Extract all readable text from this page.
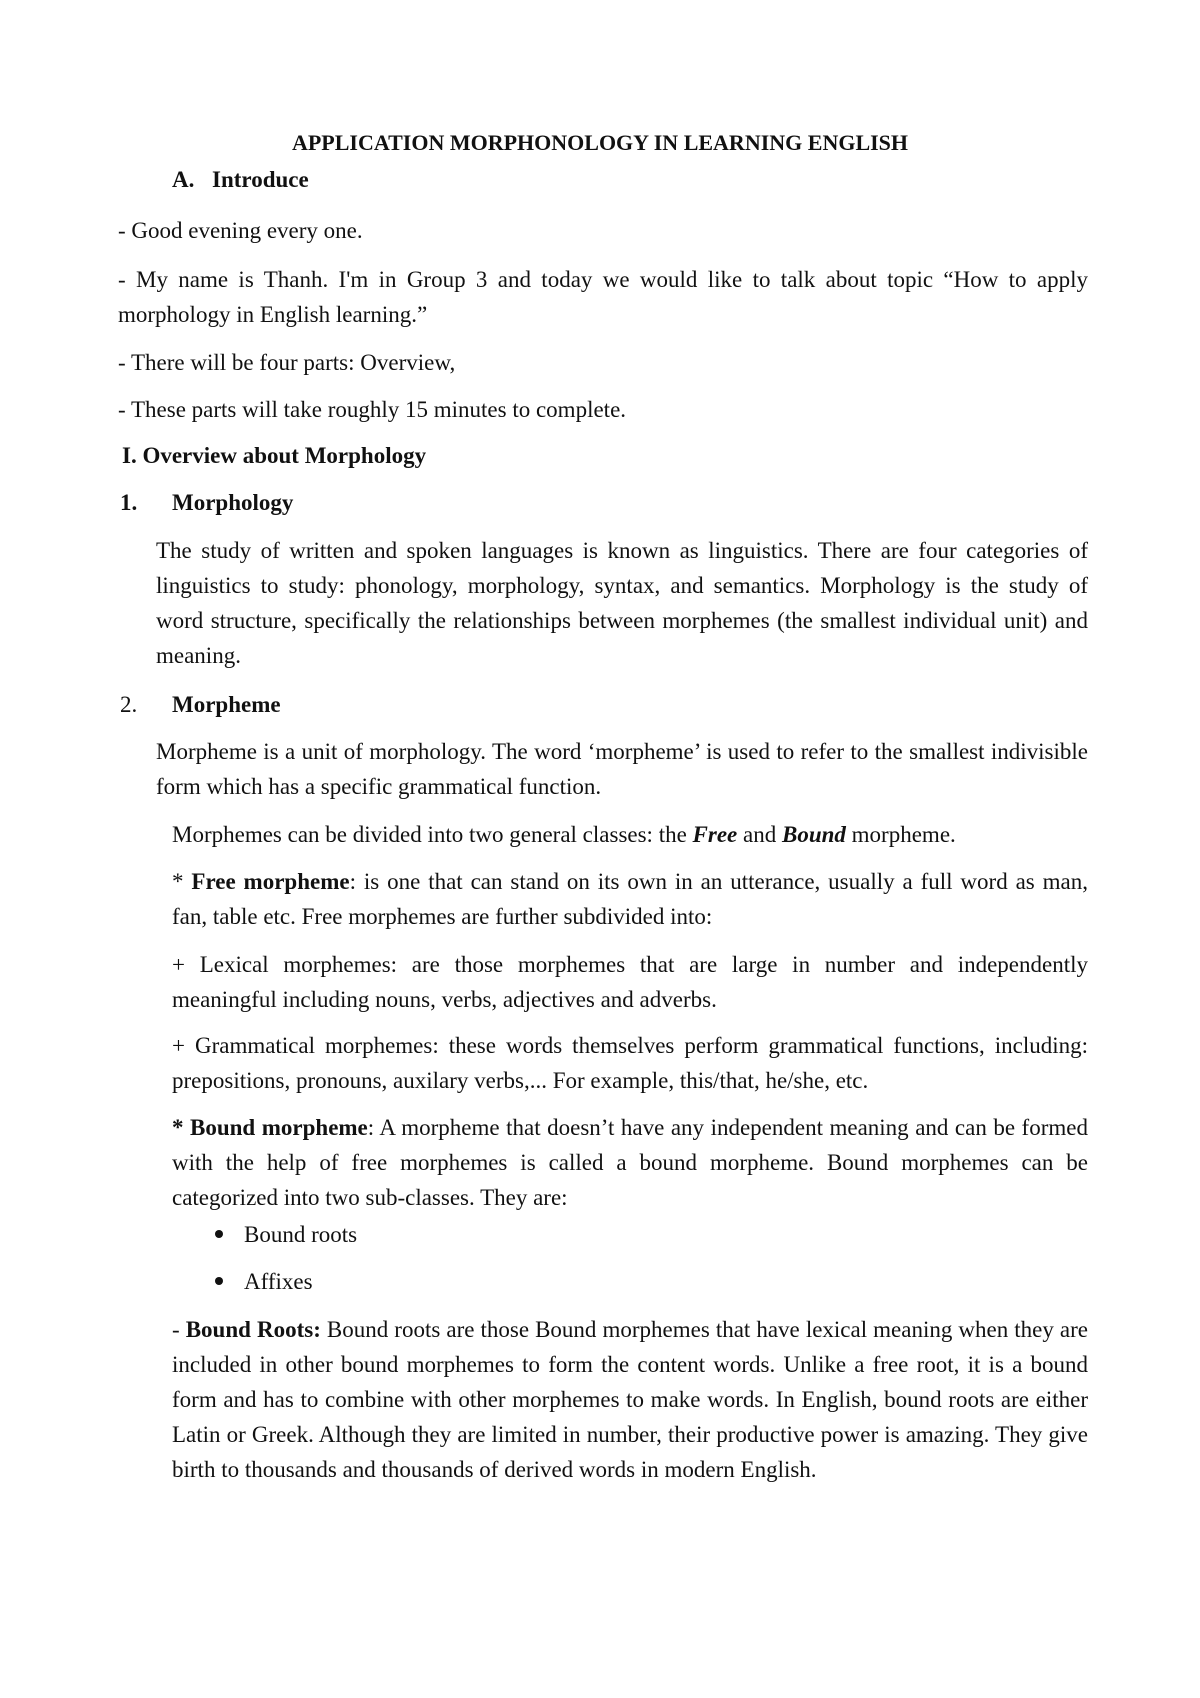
APPLICATION MORPHONOLOGY IN LEARNING ENGLISH
A. Introduce
- Good evening every one.
- My name is Thanh. I'm in Group 3 and today we would like to talk about topic “How to apply morphology in English learning.”
- There will be four parts: Overview,
- These parts will take roughly 15 minutes to complete.
I. Overview about Morphology
1. Morphology
The study of written and spoken languages is known as linguistics. There are four categories of linguistics to study: phonology, morphology, syntax, and semantics. Morphology is the study of word structure, specifically the relationships between morphemes (the smallest individual unit) and meaning.
2. Morpheme
Morpheme is a unit of morphology. The word ‘morpheme’ is used to refer to the smallest indivisible form which has a specific grammatical function.
Morphemes can be divided into two general classes: the Free and Bound morpheme.
* Free morpheme: is one that can stand on its own in an utterance, usually a full word as man, fan, table etc. Free morphemes are further subdivided into:
+ Lexical morphemes: are those morphemes that are large in number and independently meaningful including nouns, verbs, adjectives and adverbs.
+ Grammatical morphemes: these words themselves perform grammatical functions, including: prepositions, pronouns, auxilary verbs,... For example, this/that, he/she, etc.
* Bound morpheme: A morpheme that doesn’t have any independent meaning and can be formed with the help of free morphemes is called a bound morpheme. Bound morphemes can be categorized into two sub-classes. They are:
Bound roots
Affixes
- Bound Roots: Bound roots are those Bound morphemes that have lexical meaning when they are included in other bound morphemes to form the content words. Unlike a free root, it is a bound form and has to combine with other morphemes to make words. In English, bound roots are either Latin or Greek. Although they are limited in number, their productive power is amazing. They give birth to thousands and thousands of derived words in modern English.
